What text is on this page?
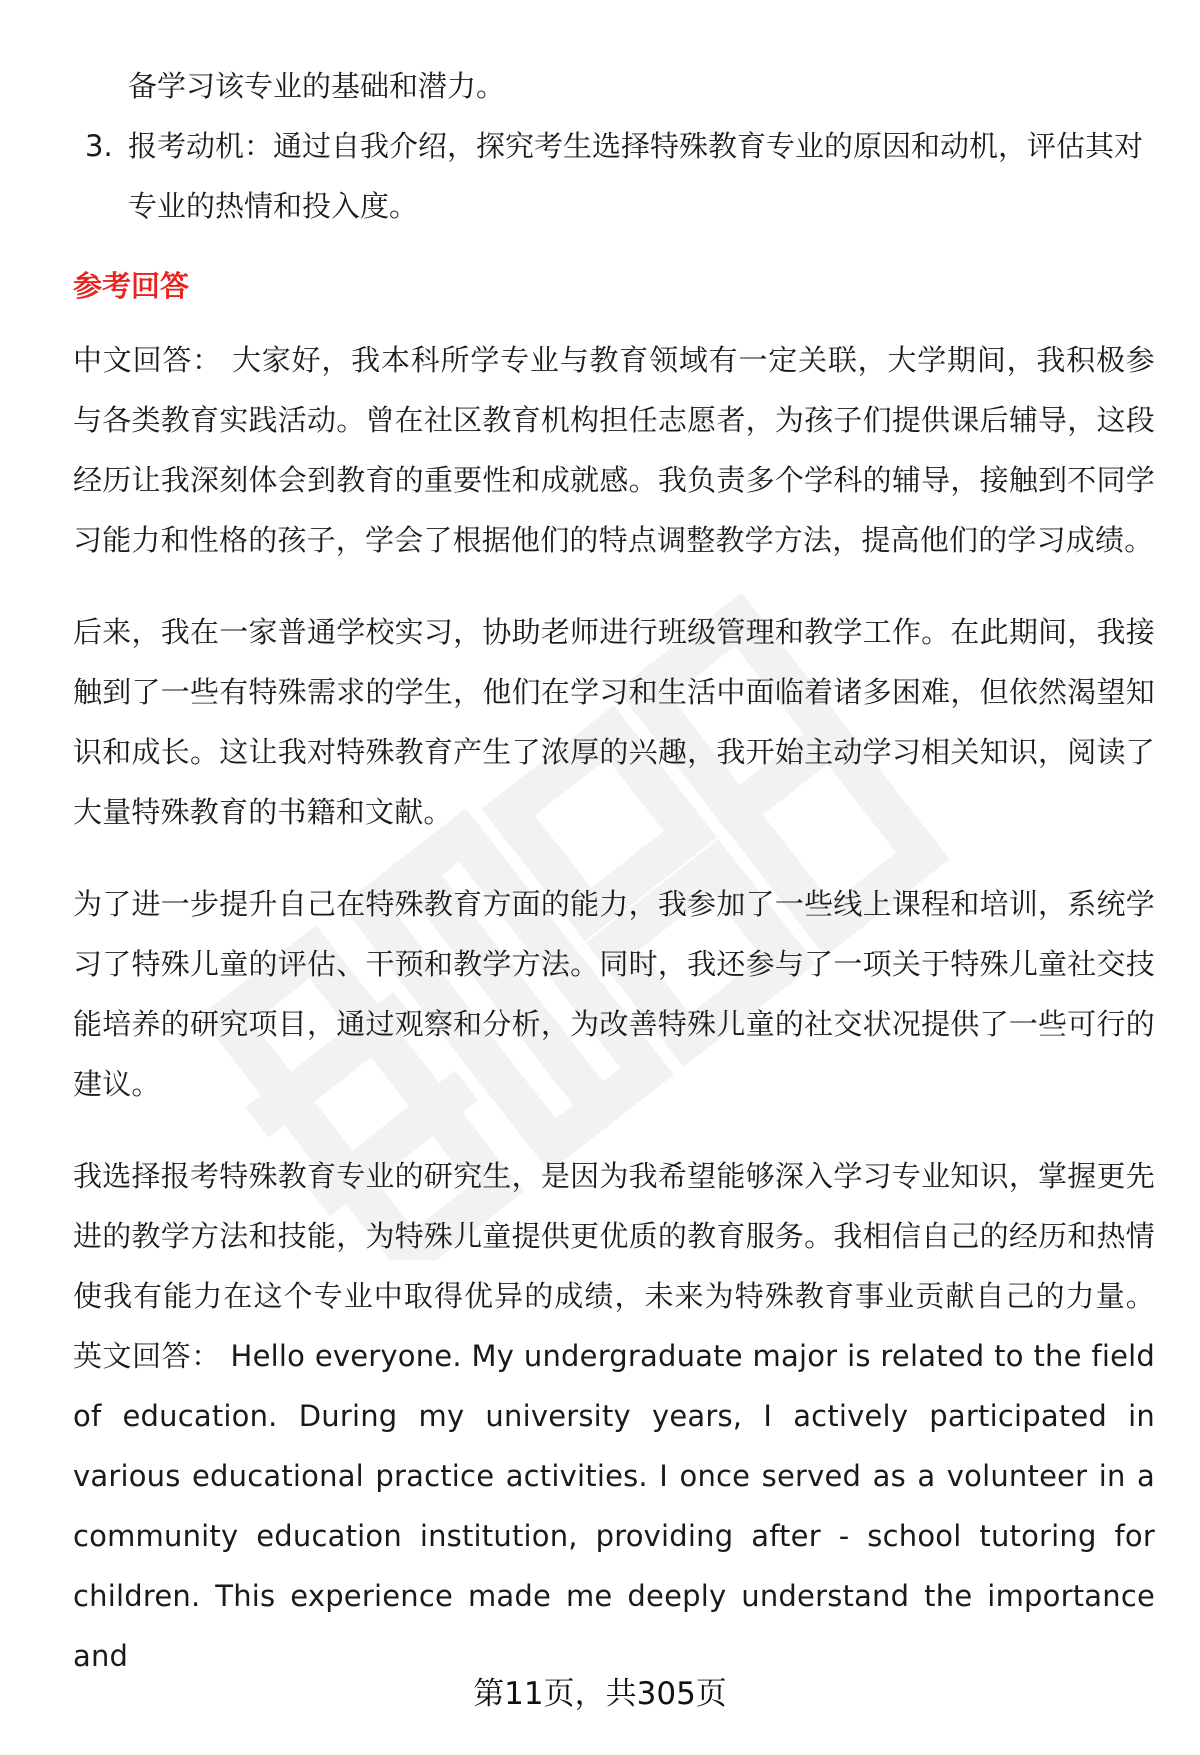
备学习该专业的基础和潜力。
3. 报考动机：通过自我介绍，探究考生选择特殊教育专业的原因和动机，评估其对专业的热情和投入度。
参考回答

中文回答： 大家好，我本科所学专业与教育领域有一定关联，大学期间，我积极参与各类教育实践活动。曾在社区教育机构担任志愿者，为孩子们提供课后辅导，这段经历让我深刻体会到教育的重要性和成就感。我负责多个学科的辅导，接触到不同学习能力和性格的孩子，学会了根据他们的特点调整教学方法，提高他们的学习成绩。

后来，我在一家普通学校实习，协助老师进行班级管理和教学工作。在此期间，我接触到了一些有特殊需求的学生，他们在学习和生活中面临着诸多困难，但依然渴望知识和成长。这让我对特殊教育产生了浓厚的兴趣，我开始主动学习相关知识，阅读了大量特殊教育的书籍和文献。

为了进一步提升自己在特殊教育方面的能力，我参加了一些线上课程和培训，系统学习了特殊儿童的评估、干预和教学方法。同时，我还参与了一项关于特殊儿童社交技能培养的研究项目，通过观察和分析，为改善特殊儿童的社交状况提供了一些可行的建议。

我选择报考特殊教育专业的研究生，是因为我希望能够深入学习专业知识，掌握更先进的教学方法和技能，为特殊儿童提供更优质的教育服务。我相信自己的经历和热情使我有能力在这个专业中取得优异的成绩，未来为特殊教育事业贡献自己的力量。 英文回答： Hello everyone. My undergraduate major is related to the field of education. During my university years, I actively participated in various educational practice activities. I once served as a volunteer in a community education institution, providing after - school tutoring for children. This experience made me deeply understand the importance and

第11页，共305页
